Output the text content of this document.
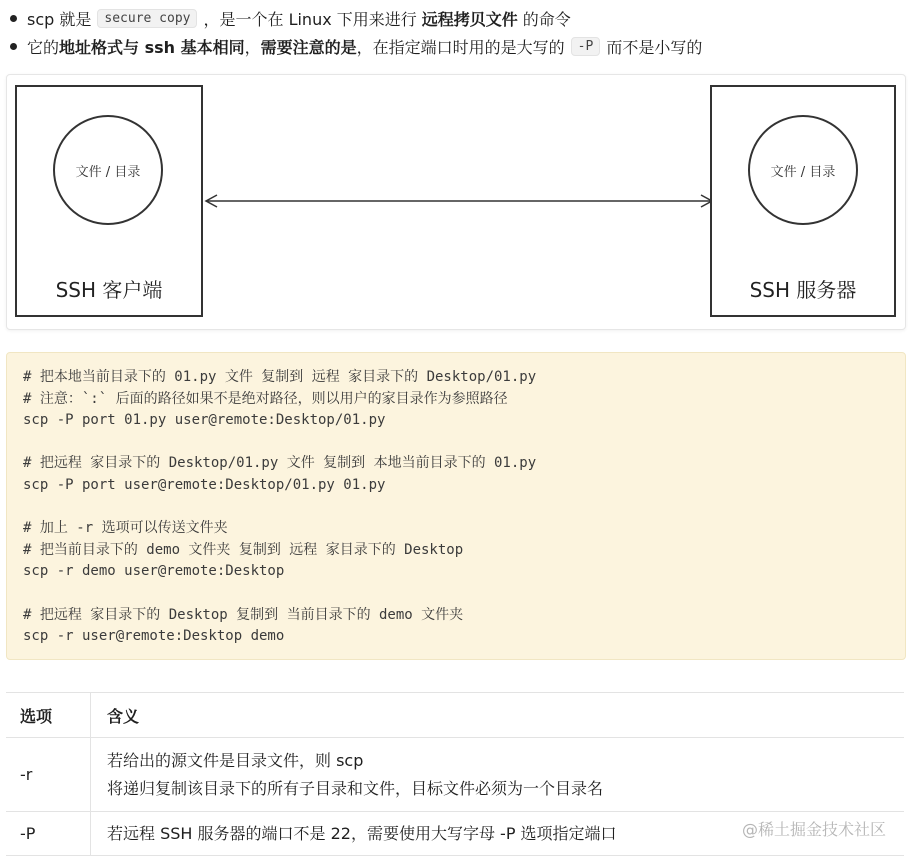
scp 就是	secure copy ，是一个在 Linux 下用来进行 远程拷贝文件 的命令
它的 地址格式与 ssh 基本相同 ， 需要注意的是 ，在指定端口时用的是大写的	-P 而不是小写的
文件 / 目录
SSH 客户端
文件 / 目录
SSH 服务器
# 把本地当前目录下的 01.py 文件 复制到 远程 家目录下的 Desktop/01.py
# 注意：`:` 后面的路径如果不是绝对路径，则以用户的家目录作为参照路径
scp -P port 01.py user@remote:Desktop/01.py
# 把远程 家目录下的 Desktop/01.py 文件 复制到 本地当前目录下的 01.py
scp -P port user@remote:Desktop/01.py 01.py
# 加上 -r 选项可以传送文件夹
# 把当前目录下的 demo 文件夹 复制到 远程 家目录下的 Desktop
scp -r demo user@remote:Desktop
# 把远程 家目录下的 Desktop 复制到 当前目录下的 demo 文件夹
scp -r user@remote:Desktop demo
选项	含义
-r	若给出的源文件是目录文件，则 scp
将递归复制该目录下的所有子目录和文件，目标文件必须为一个目录名

-P	若远程 SSH 服务器的端口不是 22，需要使用大写字母 -P 选项指定端口	@稀土掘金技术社区
